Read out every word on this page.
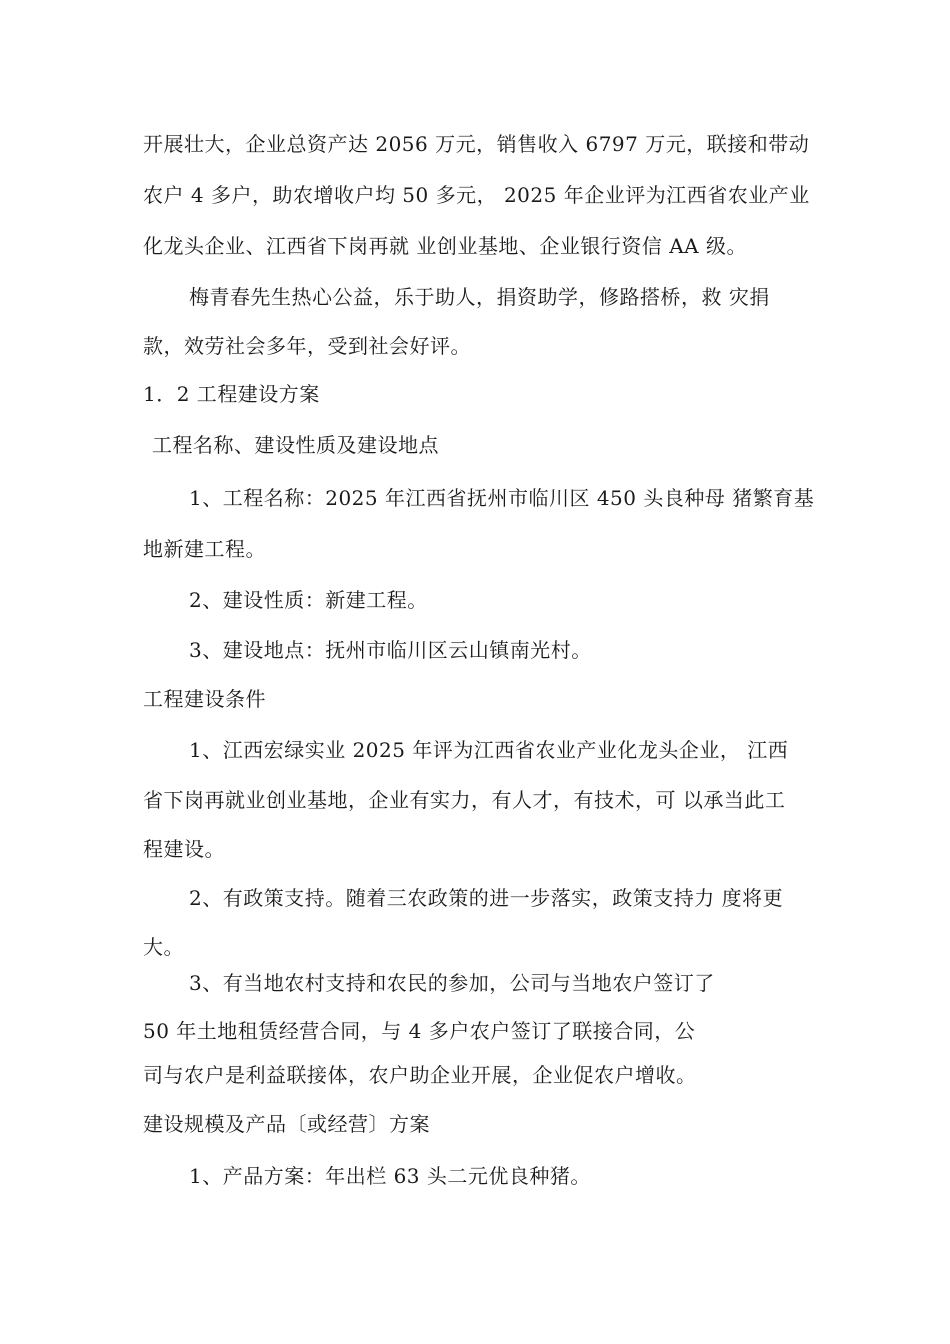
开展壮大，企业总资产达 2056 万元，销售收入 6797 万元，联接和带动
农户 4 多户，助农增收户均 50 多元， 2025 年企业评为江西省农业产业
化龙头企业、江西省下岗再就 业创业基地、企业银行资信 AA 级。
梅青春先生热心公益，乐于助人，捐资助学，修路搭桥，救 灾捐
款，效劳社会多年，受到社会好评。
1．2 工程建设方案
工程名称、建设性质及建设地点
1、工程名称：2025 年江西省抚州市临川区 450 头良种母 猪繁育基
地新建工程。
2、建设性质：新建工程。
3、建设地点：抚州市临川区云山镇南光村。
工程建设条件
1、江西宏绿实业 2025 年评为江西省农业产业化龙头企业， 江西
省下岗再就业创业基地，企业有实力，有人才，有技术，可 以承当此工
程建设。
2、有政策支持。随着三农政策的进一步落实，政策支持力 度将更
大。
3、有当地农村支持和农民的参加，公司与当地农户签订了
50 年土地租赁经营合同，与 4 多户农户签订了联接合同，公
司与农户是利益联接体，农户助企业开展，企业促农户增收。
建设规模及产品〔或经营〕方案
1、产品方案：年出栏 63 头二元优良种猪。
